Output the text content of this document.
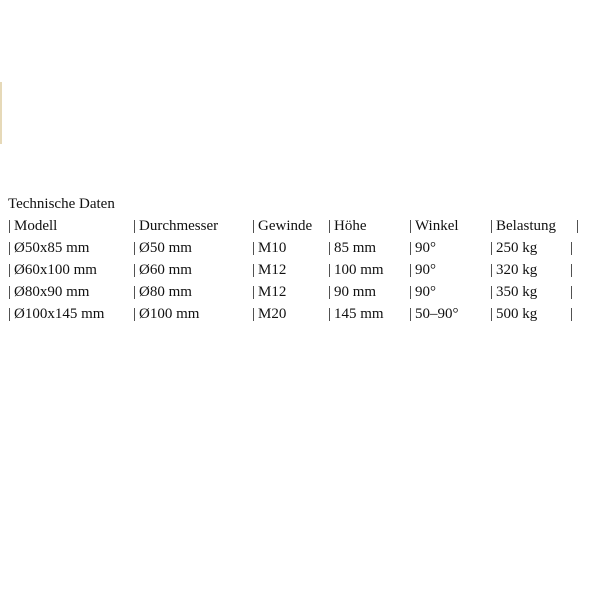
Technische Daten
| Modell	| Durchmesser | Gewinde | Höhe	| Winkel | Belastung |
| Ø50x85 mm	| Ø50 mm	| M10	| 85 mm | 90°	| 250 kg |
| Ø60x100 mm | Ø60 mm	| M12	| 100 mm | 90°	| 320 kg |
| Ø80x90 mm	| Ø80 mm	| M12	| 90 mm | 90°	| 350 kg |
| Ø100x145 mm | Ø100 mm	| M20	| 145 mm | 50–90° | 500 kg |
